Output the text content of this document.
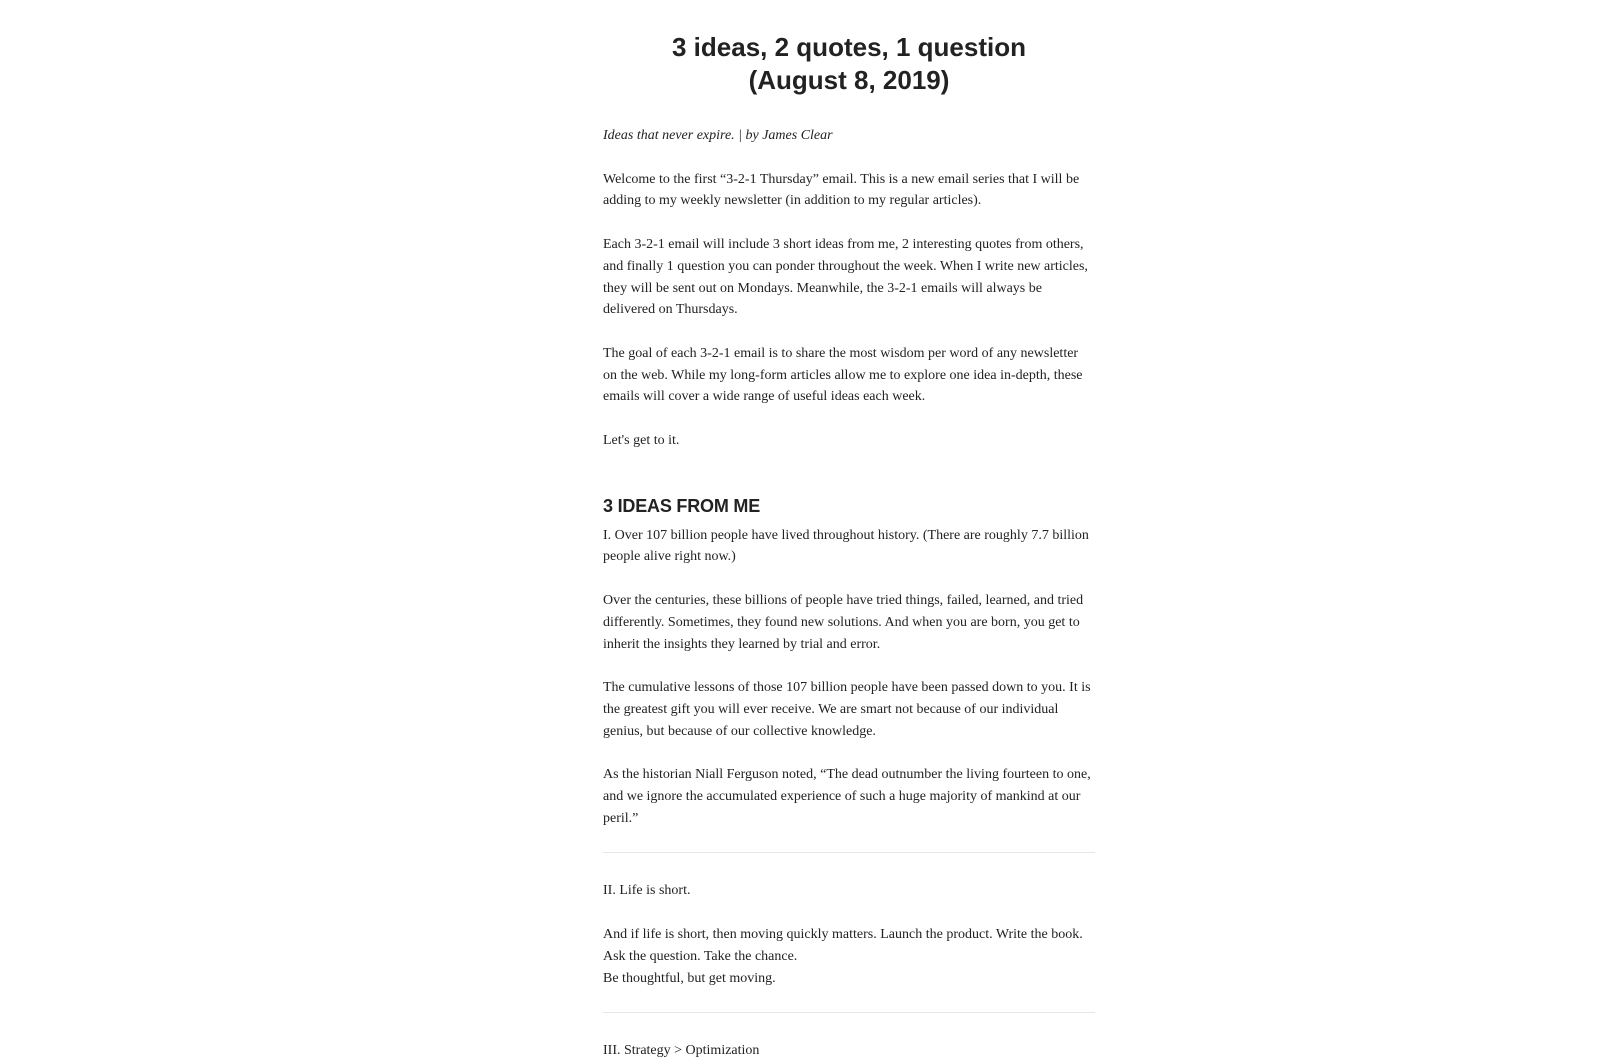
3 ideas, 2 quotes, 1 question
(August 8, 2019)

Ideas that never expire. | by James Clear

Welcome to the first “3-2-1 Thursday” email. This is a new email series that I will be adding to my weekly newsletter (in addition to my regular articles).

Each 3-2-1 email will include 3 short ideas from me, 2 interesting quotes from others, and finally 1 question you can ponder throughout the week. When I write new articles, they will be sent out on Mondays. Meanwhile, the 3-2-1 emails will always be delivered on Thursdays.

The goal of each 3-2-1 email is to share the most wisdom per word of any newsletter on the web. While my long-form articles allow me to explore one idea in-depth, these emails will cover a wide range of useful ideas each week.

Let's get to it.

3 IDEAS FROM ME

I. Over 107 billion people have lived throughout history. (There are roughly 7.7 billion people alive right now.)

Over the centuries, these billions of people have tried things, failed, learned, and tried differently. Sometimes, they found new solutions. And when you are born, you get to inherit the insights they learned by trial and error.

The cumulative lessons of those 107 billion people have been passed down to you. It is the greatest gift you will ever receive. We are smart not because of our individual genius, but because of our collective knowledge.

As the historian Niall Ferguson noted, “The dead outnumber the living fourteen to one, and we ignore the accumulated experience of such a huge majority of mankind at our peril.”

II. Life is short.

And if life is short, then moving quickly matters. Launch the product. Write the book. Ask the question. Take the chance.

Be thoughtful, but get moving.

III. Strategy > Optimization
